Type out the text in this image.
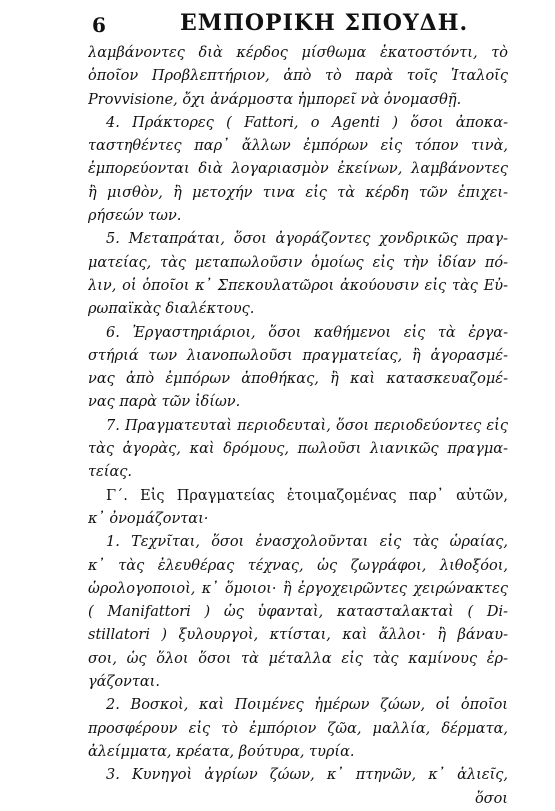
6	ΕΜΠΟΡΙΚΗ ΣΠΟΥΔΗ.
λαμβάνοντες διὰ κέρδος μίσθωμα ἑκατοστόντι, τὸ
ὁποῖον Προβλεπτήριον, ἀπὸ τὸ παρὰ τοῖς Ἰταλοῖς
Provvisione, ὄχι ἀνάρμοστα ἠμπορεῖ νὰ ὀνομασθῇ.
4. Πράκτορες ( Fattori, o Agenti ) ὅσοι ἀποκα-
ταστηθέντες παρ᾽ ἄλλων ἐμπόρων εἰς τόπον τινὰ,
ἐμπορεύονται διὰ λογαριασμὸν ἐκείνων, λαμβάνοντες
ἢ μισθὸν, ἢ μετοχήν τινα εἰς τὰ κέρδη τῶν ἐπιχει-
ρήσεών των.
5. Μεταπράται, ὅσοι ἀγοράζοντες χονδρικῶς πραγ-
ματείας, τὰς μεταπωλοῦσιν ὁμοίως εἰς τὴν ἰδίαν πό-
λιν, οἱ ὁποῖοι κ᾽ Σπεκουλατῶροι ἀκούουσιν εἰς τὰς Εὐ-
ρωπαϊκὰς διαλέκτους.
6. Ἐργαστηριάριοι, ὅσοι καθήμενοι εἰς τὰ ἐργα-
στήριά των λιανοπωλοῦσι πραγματείας, ἢ ἀγορασμέ-
νας ἀπὸ ἐμπόρων ἀποθήκας, ἢ καὶ κατασκευαζομέ-
νας παρὰ τῶν ἰδίων.
7. Πραγματευταὶ περιοδευταὶ, ὅσοι περιοδεύοντες εἰς
τὰς ἀγορὰς, καὶ δρόμους, πωλοῦσι λιανικῶς πραγμα-
τείας.
Γ΄. Εἰς Πραγματείας ἑτοιμαζομένας παρ᾽ αὐτῶν,
κ᾽ ὀνομάζονται·
1. Τεχνῖται, ὅσοι ἐνασχολοῦνται εἰς τὰς ὡραίας,
κ᾽ τὰς ἐλευθέρας τέχνας, ὡς ζωγράφοι, λιθοξόοι,
ὡρολογοποιοὶ, κ᾽ ὅμοιοι· ἢ ἐργοχειρῶντες χειρώνακτες
( Manifattori ) ὡς ὑφανταὶ, κατασταλακταὶ ( Di-
stillatori ) ξυλουργοὶ, κτίσται, καὶ ἄλλοι· ἢ βάναυ-
σοι, ὡς ὅλοι ὅσοι τὰ μέταλλα εἰς τὰς καμίνους ἐρ-
γάζονται.
2. Βοσκοὶ, καὶ Ποιμένες ἡμέρων ζώων, οἱ ὁποῖοι
προσφέρουν εἰς τὸ ἐμπόριον ζῶα, μαλλία, δέρματα,
ἀλείμματα, κρέατα, βούτυρα, τυρία.
3. Κυνηγοὶ ἀγρίων ζώων, κ᾽ πτηνῶν, κ᾽ ἁλιεῖς,
ὅσοι
